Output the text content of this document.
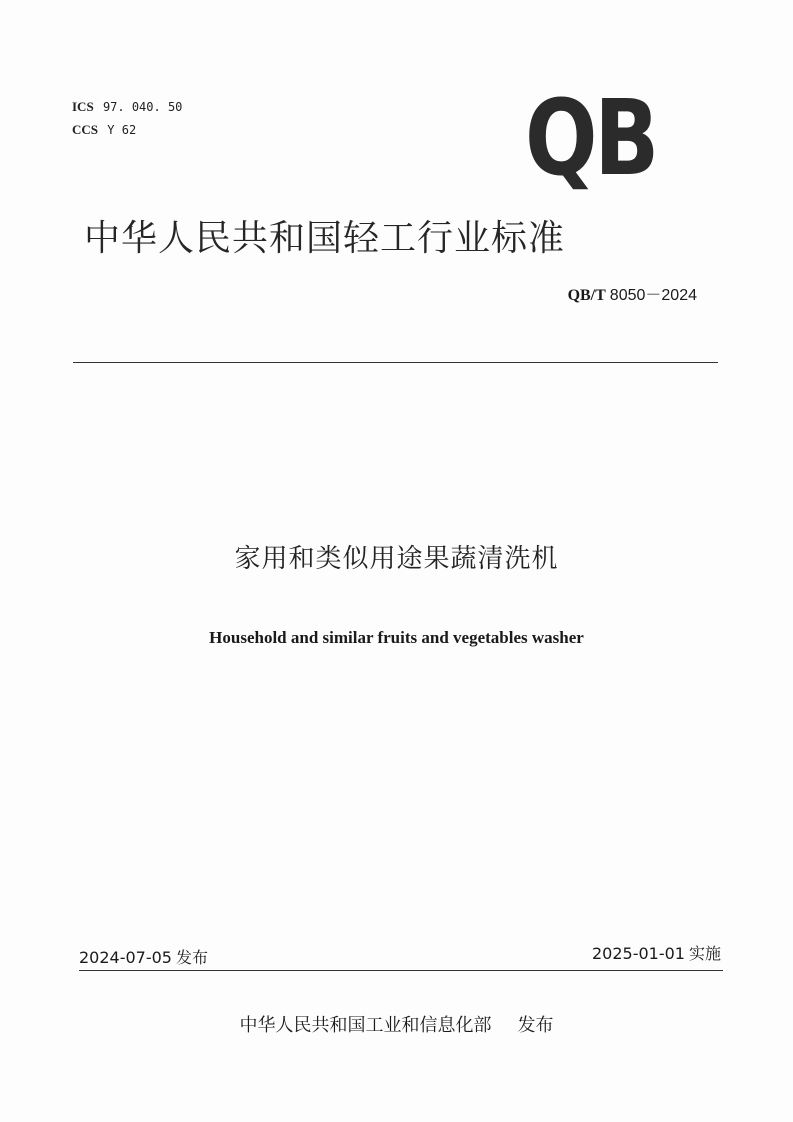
ICS 97. 040. 50
CCS Y 62	QB
中华人民共和国轻工行业标准
QB/T 8050－2024
家用和类似用途果蔬清洗机
Household and similar fruits and vegetables washer
2024-07-05 发布	2025-01-01 实施
中华人民共和国工业和信息化部 发布
